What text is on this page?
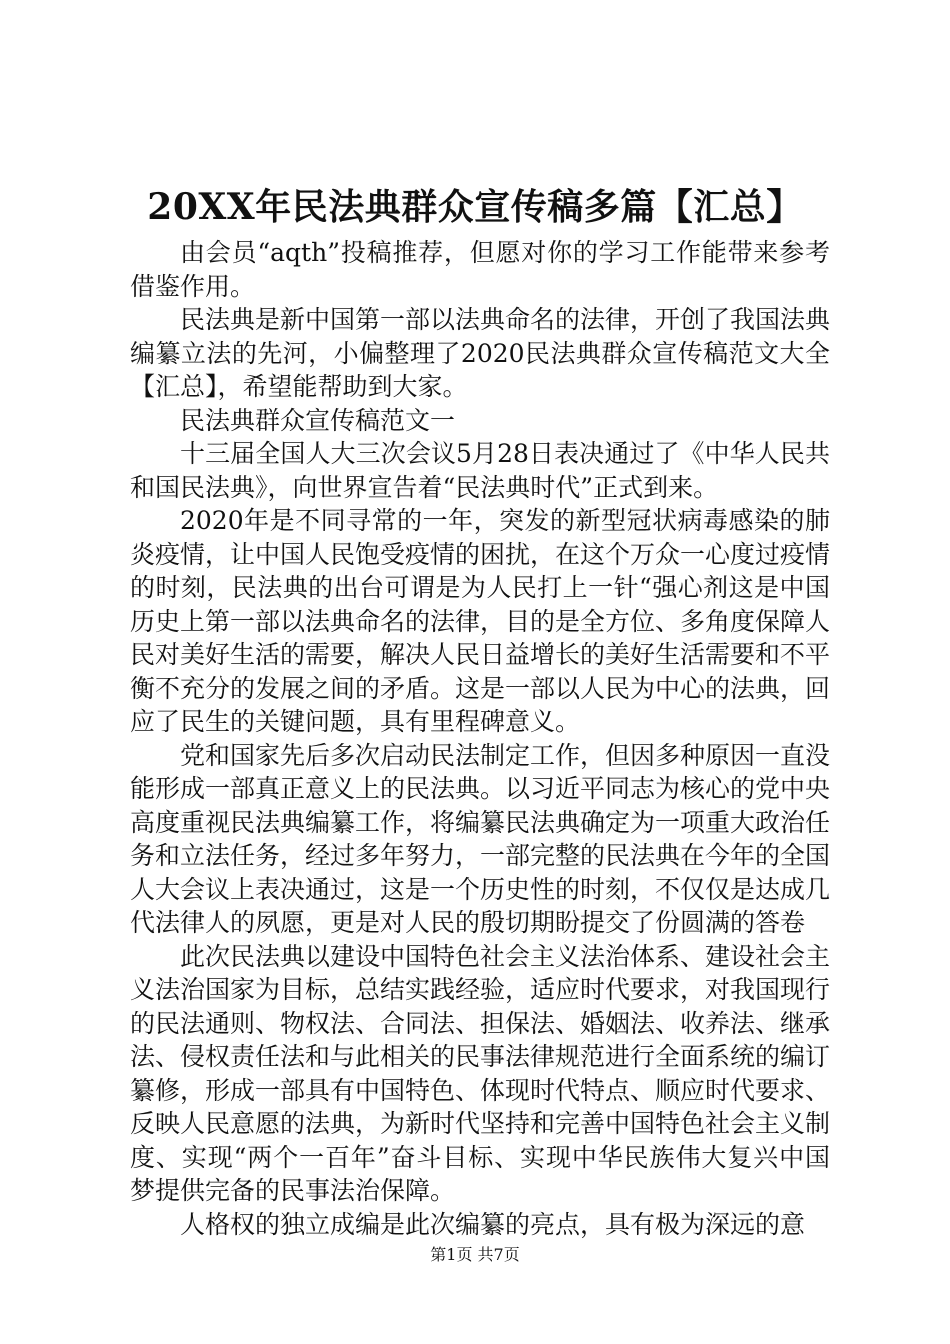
20XX年民法典群众宣传稿多篇【汇总】

由会员“aqth”投稿推荐，但愿对你的学习工作能带来参考借鉴作用。

民法典是新中国第一部以法典命名的法律，开创了我国法典编纂立法的先河，小偏整理了2020民法典群众宣传稿范文大全【汇总】，希望能帮助到大家。

民法典群众宣传稿范文一

十三届全国人大三次会议5月28日表决通过了《中华人民共和国民法典》，向世界宣告着“民法典时代”正式到来。

2020年是不同寻常的一年，突发的新型冠状病毒感染的肺炎疫情，让中国人民饱受疫情的困扰，在这个万众一心度过疫情的时刻，民法典的出台可谓是为人民打上一针“强心剂这是中国历史上第一部以法典命名的法律，目的是全方位、多角度保障人民对美好生活的需要，解决人民日益增长的美好生活需要和不平衡不充分的发展之间的矛盾。这是一部以人民为中心的法典，回应了民生的关键问题，具有里程碑意义。

党和国家先后多次启动民法制定工作，但因多种原因一直没能形成一部真正意义上的民法典。以习近平同志为核心的党中央高度重视民法典编纂工作，将编纂民法典确定为一项重大政治任务和立法任务，经过多年努力，一部完整的民法典在今年的全国人大会议上表决通过，这是一个历史性的时刻，不仅仅是达成几代法律人的夙愿，更是对人民的殷切期盼提交了份圆满的答卷

此次民法典以建设中国特色社会主义法治体系、建设社会主义法治国家为目标，总结实践经验，适应时代要求，对我国现行的民法通则、物权法、合同法、担保法、婚姻法、收养法、继承法、侵权责任法和与此相关的民事法律规范进行全面系统的编订纂修，形成一部具有中国特色、体现时代特点、顺应时代要求、反映人民意愿的法典，为新时代坚持和完善中国特色社会主义制度、实现“两个一百年”奋斗目标、实现中华民族伟大复兴中国梦提供完备的民事法治保障。

人格权的独立成编是此次编纂的亮点，具有极为深远的意

第1页 共7页
